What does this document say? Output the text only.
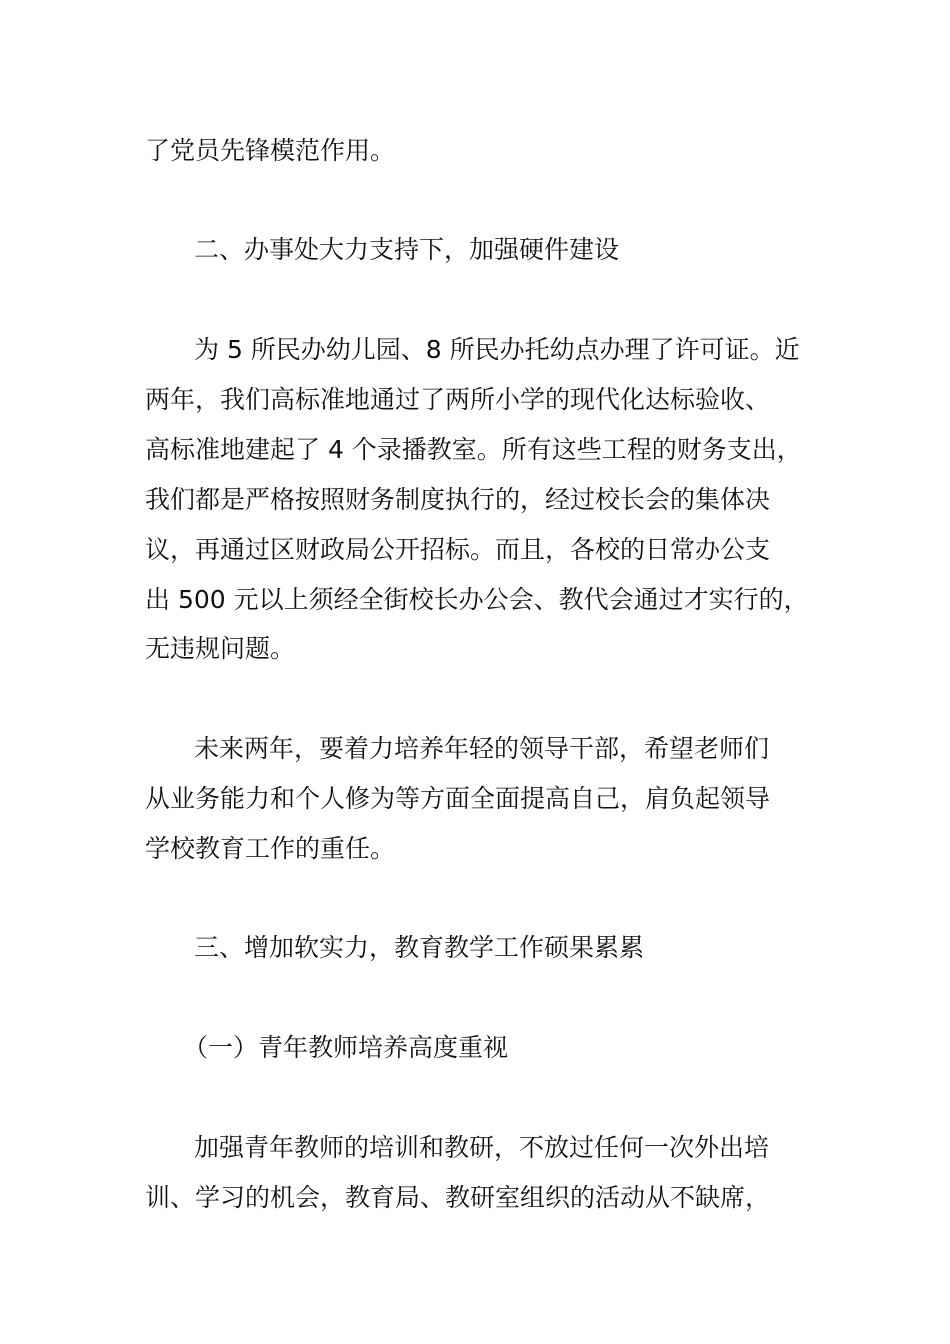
了党员先锋模范作用。

二、办事处大力支持下，加强硬件建设

为 5 所民办幼儿园、8 所民办托幼点办理了许可证。近

两年，我们高标准地通过了两所小学的现代化达标验收、

高标准地建起了 4 个录播教室。所有这些工程的财务支出，

我们都是严格按照财务制度执行的，经过校长会的集体决

议，再通过区财政局公开招标。而且，各校的日常办公支

出 500 元以上须经全街校长办公会、教代会通过才实行的，

无违规问题。

未来两年，要着力培养年轻的领导干部，希望老师们

从业务能力和个人修为等方面全面提高自己，肩负起领导

学校教育工作的重任。

三、增加软实力，教育教学工作硕果累累

（一）青年教师培养高度重视

加强青年教师的培训和教研，不放过任何一次外出培

训、学习的机会，教育局、教研室组织的活动从不缺席，
